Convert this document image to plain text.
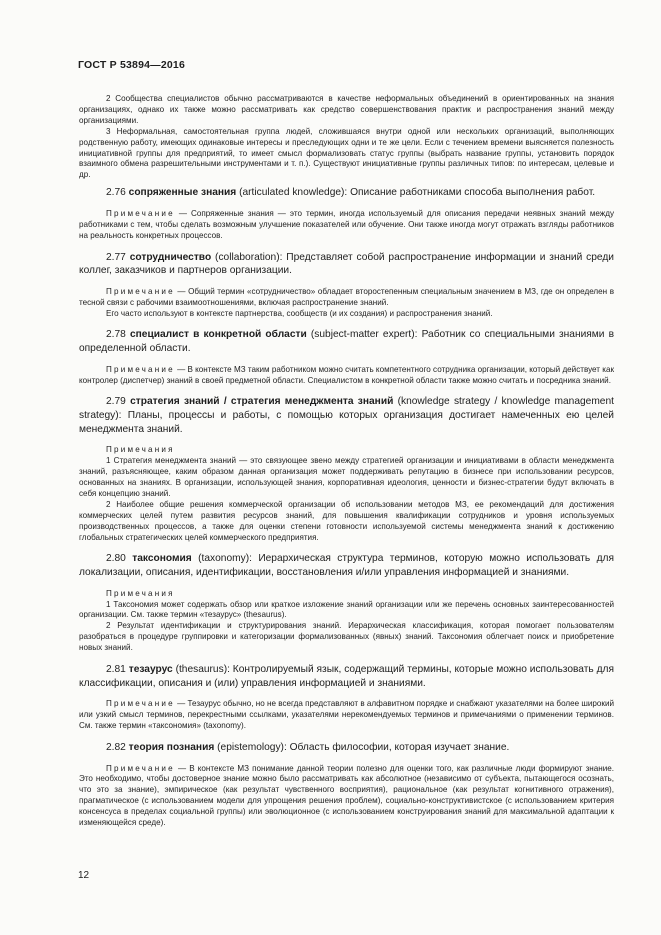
ГОСТ Р 53894—2016

2 Сообщества специалистов обычно рассматриваются в качестве неформальных объединений в ориентированных на знания организациях, однако их также можно рассматривать как средство совершенствования практик и распространения знаний между организациями.

3 Неформальная, самостоятельная группа людей, сложившаяся внутри одной или нескольких организаций, выполняющих родственную работу, имеющих одинаковые интересы и преследующих одни и те же цели. Если с течением времени выясняется полезность инициативной группы для предприятий, то имеет смысл формализовать статус группы (выбрать название группы, установить порядок взаимного обмена разрешительными инструментами и т. п.). Существуют инициативные группы различных типов: по интересам, целевые и др.

2.76 сопряженные знания (articulated knowledge): Описание работниками способа выполнения работ.

Примечание — Сопряженные знания — это термин, иногда используемый для описания передачи неявных знаний между работниками с тем, чтобы сделать возможным улучшение показателей или обучение. Они также иногда могут отражать взгляды работников на реальность конкретных процессов.

2.77 сотрудничество (collaboration): Представляет собой распространение информации и знаний среди коллег, заказчиков и партнеров организации.

Примечание — Общий термин «сотрудничество» обладает второстепенным специальным значением в МЗ, где он определен в тесной связи с рабочими взаимоотношениями, включая распространение знаний.

Его часто используют в контексте партнерства, сообществ (и их создания) и распространения знаний.

2.78 специалист в конкретной области (subject-matter expert): Работник со специальными знаниями в определенной области.

Примечание — В контексте МЗ таким работником можно считать компетентного сотрудника организации, который действует как контролер (диспетчер) знаний в своей предметной области. Специалистом в конкретной области также можно считать и посредника знаний.

2.79 стратегия знаний / стратегия менеджмента знаний (knowledge strategy / knowledge management strategy): Планы, процессы и работы, с помощью которых организация достигает намеченных ею целей менеджмента знаний.

Примечания

1 Стратегия менеджмента знаний — это связующее звено между стратегией организации и инициативами в области менеджмента знаний, разъясняющее, каким образом данная организация может поддерживать репутацию в бизнесе при использовании ресурсов, основанных на знаниях. В организации, использующей знания, корпоративная идеология, ценности и бизнес-стратегии будут включать в себя концепцию знаний.

2 Наиболее общие решения коммерческой организации об использовании методов МЗ, ее рекомендаций для достижения коммерческих целей путем развития ресурсов знаний, для повышения квалификации сотрудников и уровня используемых производственных процессов, а также для оценки степени готовности используемой системы менеджмента знаний к достижению глобальных стратегических целей коммерческого предприятия.

2.80 таксономия (taxonomy): Иерархическая структура терминов, которую можно использовать для локализации, описания, идентификации, восстановления и/или управления информацией и знаниями.

Примечания

1 Таксономия может содержать обзор или краткое изложение знаний организации или же перечень основных заинтересованностей организации. См. также термин «тезаурус» (thesaurus).

2 Результат идентификации и структурирования знаний. Иерархическая классификация, которая помогает пользователям разобраться в процедуре группировки и категоризации формализованных (явных) знаний. Таксономия облегчает поиск и приобретение новых знаний.

2.81 тезаурус (thesaurus): Контролируемый язык, содержащий термины, которые можно использовать для классификации, описания и (или) управления информацией и знаниями.

Примечание — Тезаурус обычно, но не всегда представляют в алфавитном порядке и снабжают указателями на более широкий или узкий смысл терминов, перекрестными ссылками, указателями нерекомендуемых терминов и примечаниями о применении терминов. См. также термин «таксономия» (taxonomy).

2.82 теория познания (epistemology): Область философии, которая изучает знание.

Примечание — В контексте МЗ понимание данной теории полезно для оценки того, как различные люди формируют знание. Это необходимо, чтобы достоверное знание можно было рассматривать как абсолютное (независимо от субъекта, пытающегося осознать, что это за знание), эмпирическое (как результат чувственного восприятия), рациональное (как результат когнитивного отражения), прагматическое (с использованием модели для упрощения решения проблем), социально-конструктивистское (с использованием критерия консенсуса в пределах социальной группы) или эволюционное (с использованием конструирования знаний для максимальной адаптации к изменяющейся среде).

12
